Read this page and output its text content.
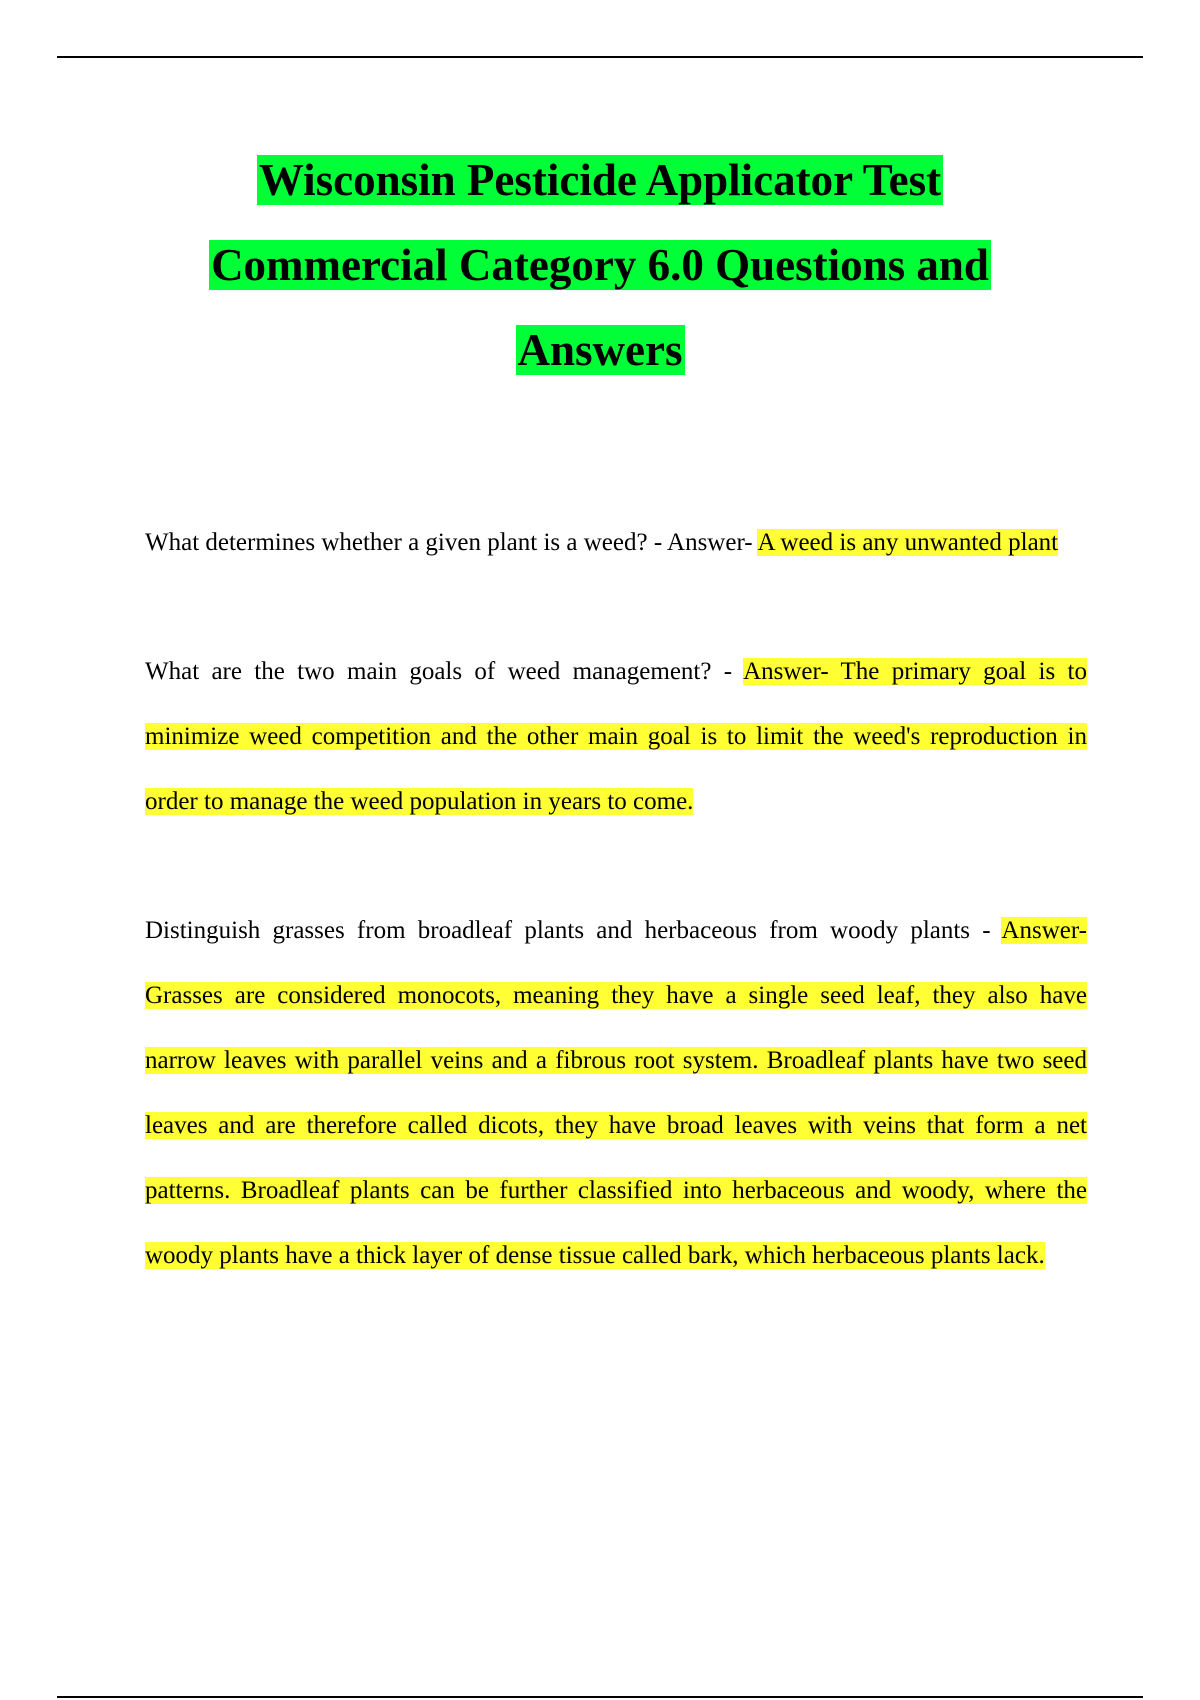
Wisconsin Pesticide Applicator Test Commercial Category 6.0 Questions and Answers

What determines whether a given plant is a weed? - Answer- A weed is any unwanted plant

What are the two main goals of weed management? - Answer- The primary goal is to minimize weed competition and the other main goal is to limit the weed's reproduction in order to manage the weed population in years to come.

Distinguish grasses from broadleaf plants and herbaceous from woody plants - Answer- Grasses are considered monocots, meaning they have a single seed leaf, they also have narrow leaves with parallel veins and a fibrous root system. Broadleaf plants have two seed leaves and are therefore called dicots, they have broad leaves with veins that form a net patterns. Broadleaf plants can be further classified into herbaceous and woody, where the woody plants have a thick layer of dense tissue called bark, which herbaceous plants lack.
